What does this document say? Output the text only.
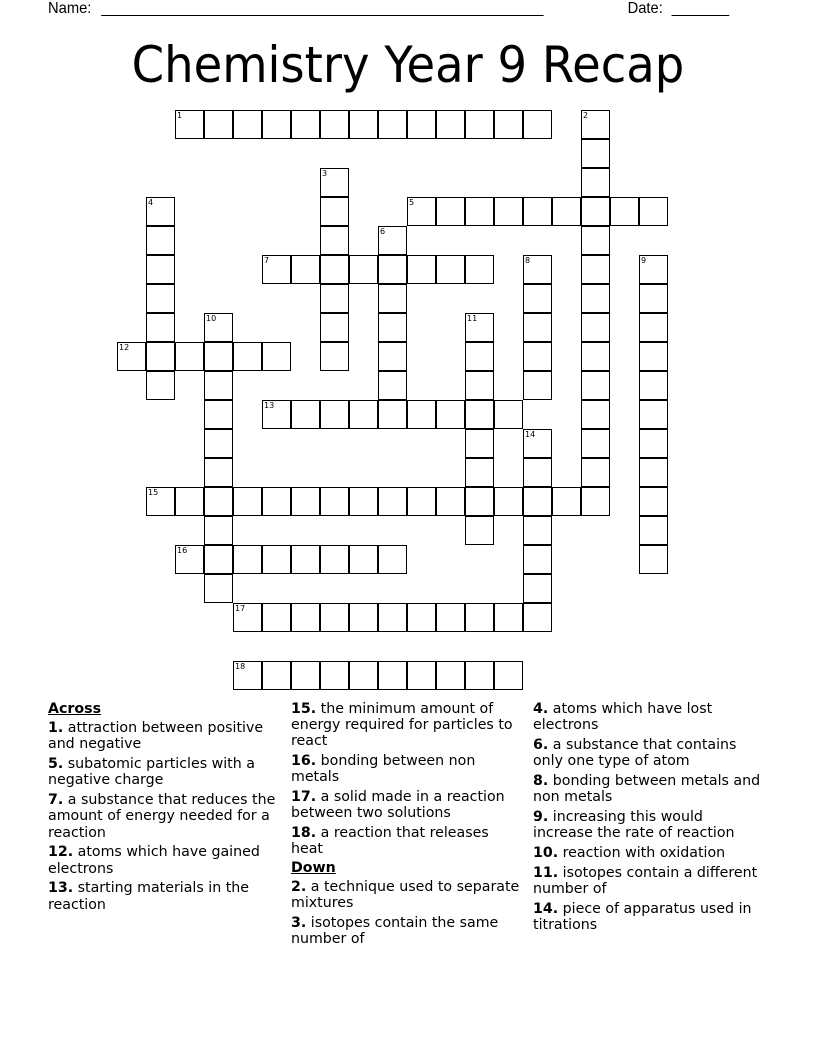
Name: ______________________________________________________	Date: _______
Chemistry Year 9 Recap
1	2
3
4	5
6
7	8	9
10	11
12
13
14
15
16
17
18
Across
1. attraction between positive and negative
5. subatomic particles with a negative charge
7. a substance that reduces the amount of energy needed for a reaction
12. atoms which have gained electrons
13. starting materials in the reaction
15. the minimum amount of energy required for particles to react
16. bonding between non metals
17. a solid made in a reaction between two solutions
18. a reaction that releases heat
Down
2. a technique used to separate mixtures
3. isotopes contain the same number of
4. atoms which have lost electrons
6. a substance that contains only one type of atom
8. bonding between metals and non metals
9. increasing this would increase the rate of reaction
10. reaction with oxidation
11. isotopes contain a different number of
14. piece of apparatus used in titrations
